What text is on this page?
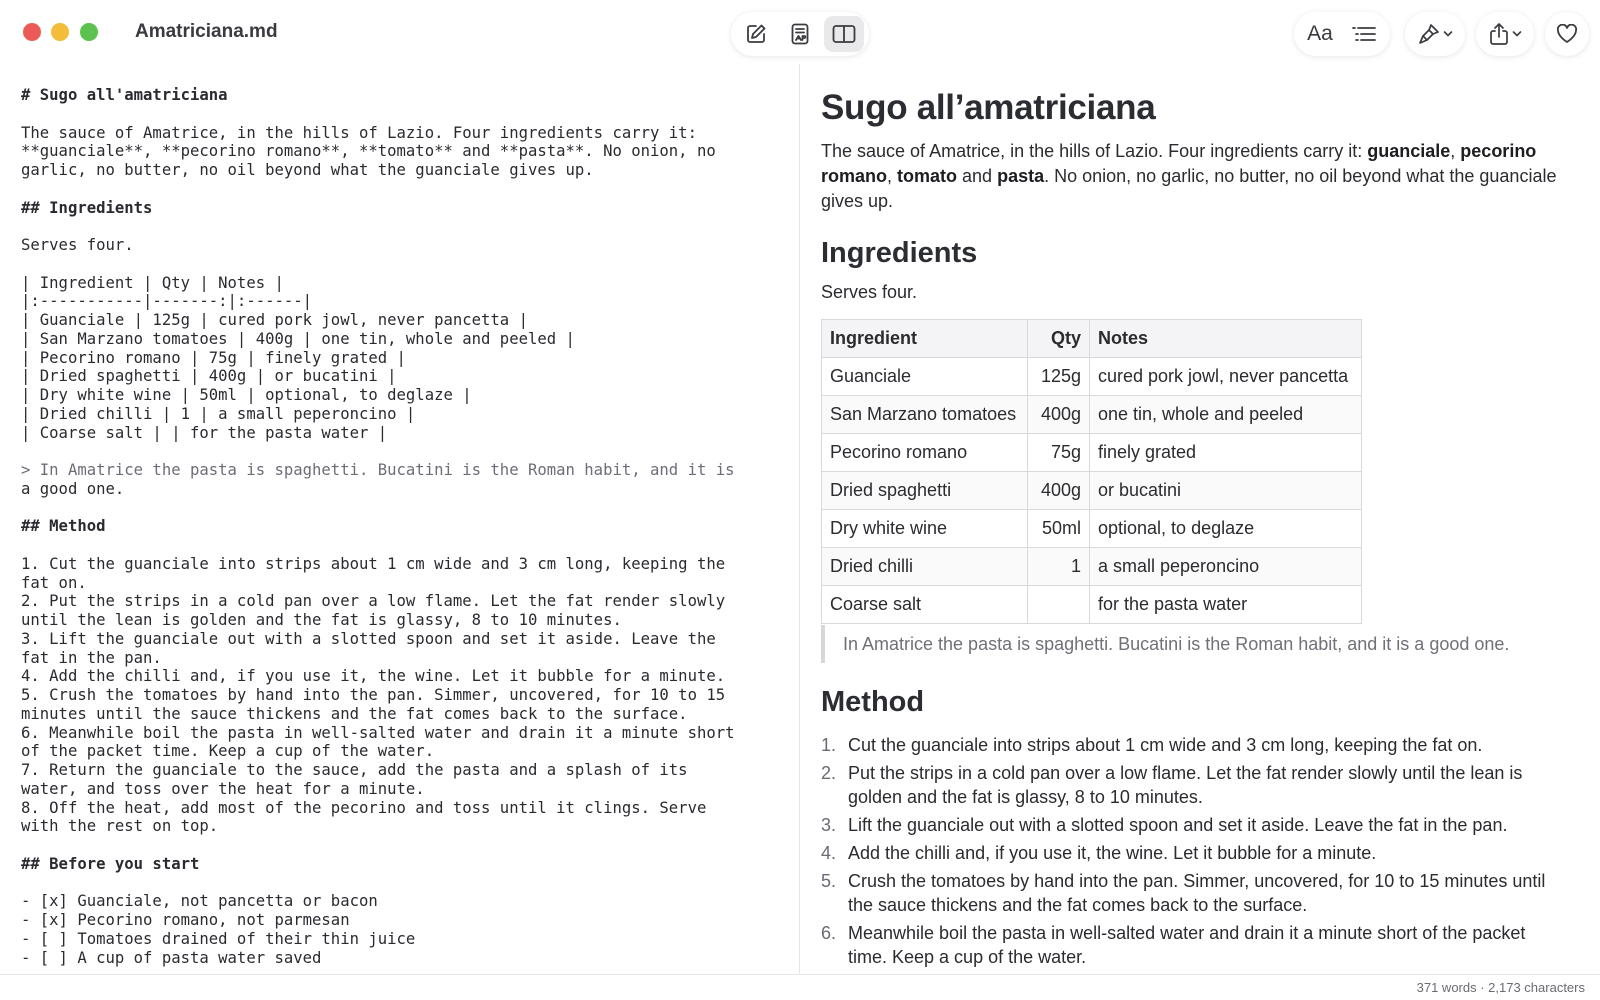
Amatriciana.md	Aa
# Sugo all'amatriciana
The sauce of Amatrice, in the hills of Lazio. Four ingredients carry it:
**guanciale**, **pecorino romano**, **tomato** and **pasta**. No onion, no
garlic, no butter, no oil beyond what the guanciale gives up.
## Ingredients
Serves four.
| Ingredient | Qty | Notes |
|:-----------|-------:|:------|
| Guanciale | 125g | cured pork jowl, never pancetta |
| San Marzano tomatoes | 400g | one tin, whole and peeled |
| Pecorino romano | 75g | finely grated |
| Dried spaghetti | 400g | or bucatini |
| Dry white wine | 50ml | optional, to deglaze |
| Dried chilli | 1 | a small peperoncino |
| Coarse salt | | for the pasta water |
> In Amatrice the pasta is spaghetti. Bucatini is the Roman habit, and it is
a good one.
## Method
1. Cut the guanciale into strips about 1 cm wide and 3 cm long, keeping the
fat on.
2. Put the strips in a cold pan over a low flame. Let the fat render slowly
until the lean is golden and the fat is glassy, 8 to 10 minutes.
3. Lift the guanciale out with a slotted spoon and set it aside. Leave the
fat in the pan.
4. Add the chilli and, if you use it, the wine. Let it bubble for a minute.
5. Crush the tomatoes by hand into the pan. Simmer, uncovered, for 10 to 15
minutes until the sauce thickens and the fat comes back to the surface.
6. Meanwhile boil the pasta in well-salted water and drain it a minute short
of the packet time. Keep a cup of the water.
7. Return the guanciale to the sauce, add the pasta and a splash of its
water, and toss over the heat for a minute.
8. Off the heat, add most of the pecorino and toss until it clings. Serve
with the rest on top.
## Before you start
- [x] Guanciale, not pancetta or bacon
- [x] Pecorino romano, not parmesan
- [ ] Tomatoes drained of their thin juice
- [ ] A cup of pasta water saved
Sugo all’amatriciana

The sauce of Amatrice, in the hills of Lazio. Four ingredients carry it: guanciale, pecorino romano, tomato and pasta. No onion, no garlic, no butter, no oil beyond what the guanciale gives up.

Ingredients

Serves four.

Ingredient	Qty	Notes
Guanciale	125g	cured pork jowl, never pancetta
San Marzano tomatoes	400g	one tin, whole and peeled
Pecorino romano	75g	finely grated
Dried spaghetti	400g	or bucatini
Dry white wine	50ml	optional, to deglaze
Dried chilli	1	a small peperoncino
Coarse salt		for the pasta water
In Amatrice the pasta is spaghetti. Bucatini is the Roman habit, and it is a good one.
Method
1. Cut the guanciale into strips about 1 cm wide and 3 cm long, keeping the fat on.
2. Put the strips in a cold pan over a low flame. Let the fat render slowly until the lean is golden and the fat is glassy, 8 to 10 minutes.
3. Lift the guanciale out with a slotted spoon and set it aside. Leave the fat in the pan.
4. Add the chilli and, if you use it, the wine. Let it bubble for a minute.
5. Crush the tomatoes by hand into the pan. Simmer, uncovered, for 10 to 15 minutes until the sauce thickens and the fat comes back to the surface.
6. Meanwhile boil the pasta in well-salted water and drain it a minute short of the packet time. Keep a cup of the water.
371 words · 2,173 characters
